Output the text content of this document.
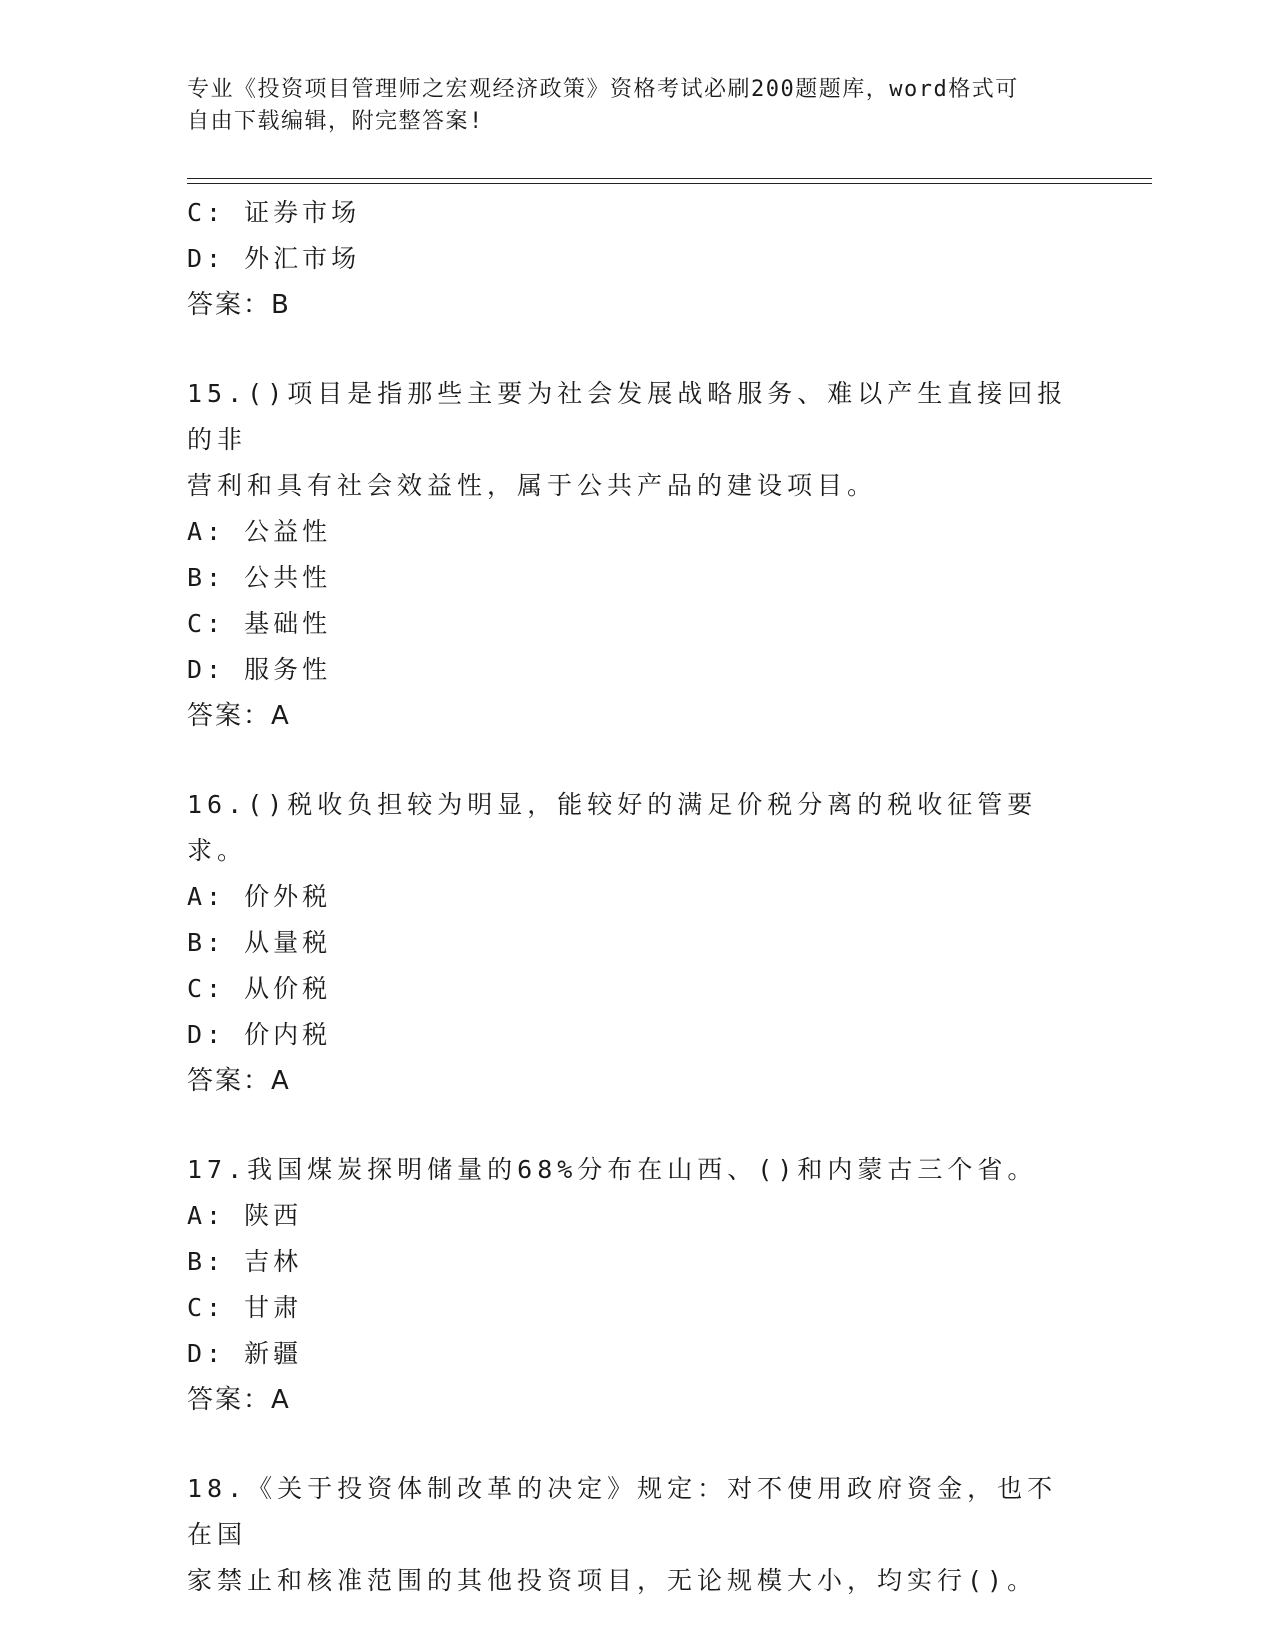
专业《投资项目管理师之宏观经济政策》资格考试必刷200题题库，word格式可
自由下载编辑，附完整答案!
C: 证券市场
D: 外汇市场
答案：B
15.()项目是指那些主要为社会发展战略服务、难以产生直接回报的非
营利和具有社会效益性，属于公共产品的建设项目。
A: 公益性
B: 公共性
C: 基础性
D: 服务性
答案：A
16.()税收负担较为明显，能较好的满足价税分离的税收征管要求。
A: 价外税
B: 从量税
C: 从价税
D: 价内税
答案：A
17.我国煤炭探明储量的68%分布在山西、()和内蒙古三个省。
A: 陕西
B: 吉林
C: 甘肃
D: 新疆
答案：A
18.《关于投资体制改革的决定》规定：对不使用政府资金，也不在国
家禁止和核准范围的其他投资项目，无论规模大小，均实行()。
